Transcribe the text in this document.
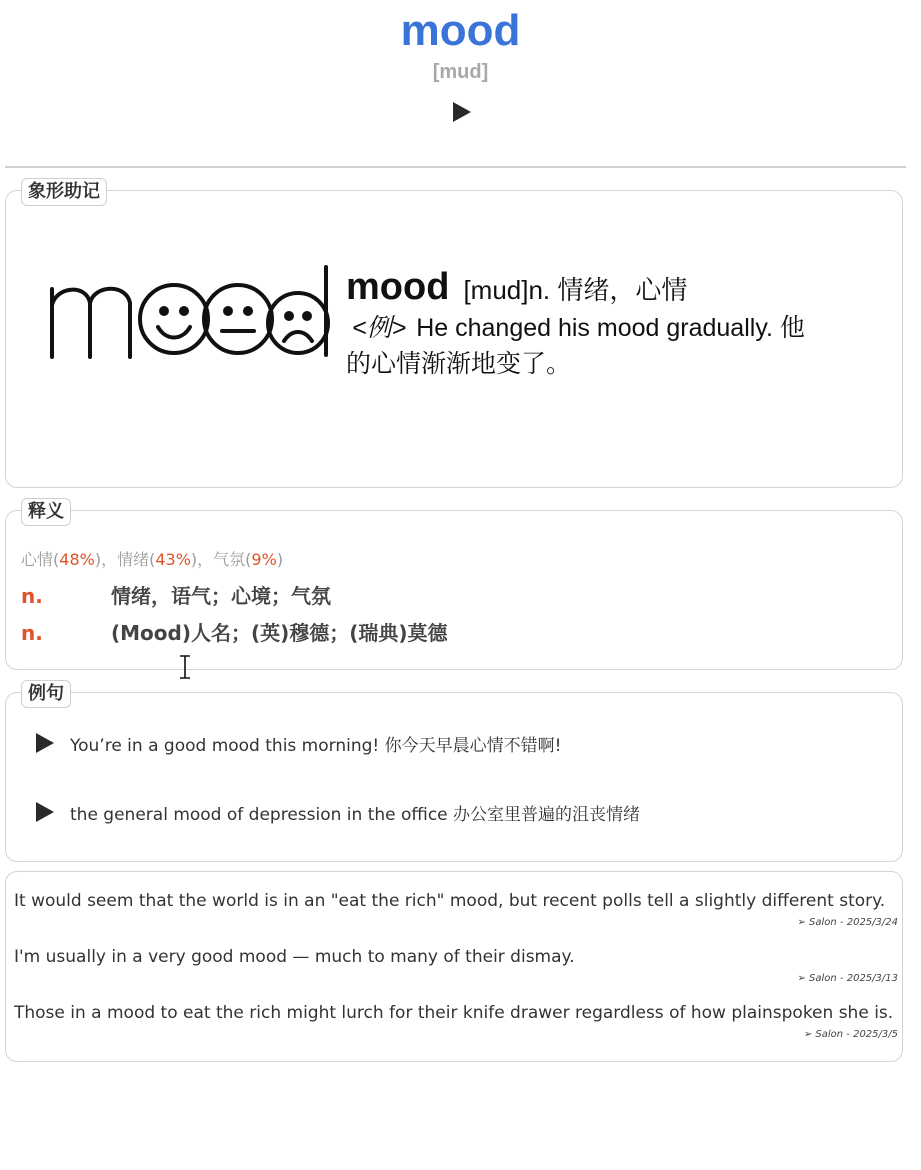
mood
[mud]
mood [mud]n. 情绪，心情
<例> He changed his mood gradually. 他
的心情渐渐地变了。
象形助记
心情(48%)，情绪(43%)，气氛(9%)
n.	情绪，语气；心境；气氛
n.	(Mood)人名；(英)穆德；(瑞典)莫德
释义
You’re in a good mood this morning! 你今天早晨心情不错啊!
the general mood of depression in the office 办公室里普遍的沮丧情绪
例句
It would seem that the world is in an "eat the rich" mood, but recent polls tell a slightly different story.
➢ Salon - 2025/3/24
I'm usually in a very good mood — much to many of their dismay.
➢ Salon - 2025/3/13
Those in a mood to eat the rich might lurch for their knife drawer regardless of how plainspoken she is.
➢ Salon - 2025/3/5
